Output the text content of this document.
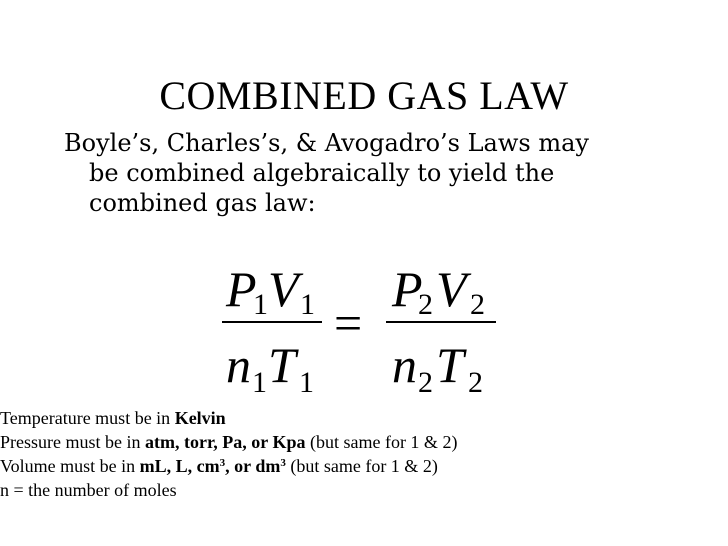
COMBINED GAS LAW
Boyle’s, Charles’s, & Avogadro’s Laws may
be combined algebraically to yield the
combined gas law:
P
1 V 1
n 1 T 1
=
P
2 V 2
n 2 T 2
Temperature must be in Kelvin
Pressure must be in atm, torr, Pa, or Kpa (but same for 1 & 2)
Volume must be in mL, L, $cm^3$, or $dm^3$ (but same for 1 & 2)
n = the number of moles
